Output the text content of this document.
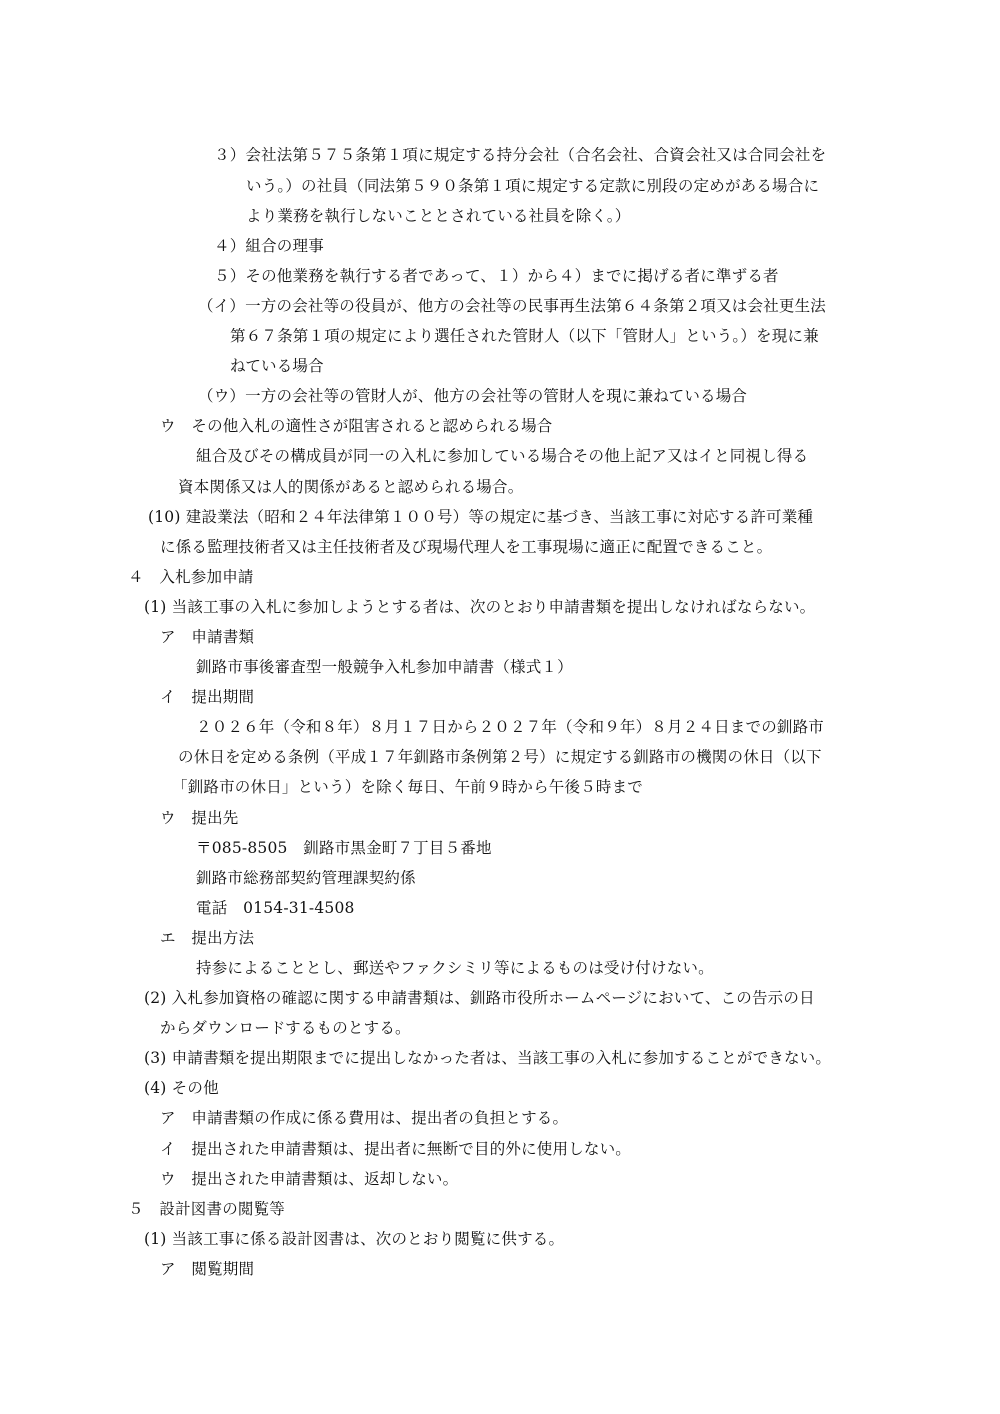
３）会社法第５７５条第１項に規定する持分会社（合名会社、合資会社又は合同会社を
いう。）の社員（同法第５９０条第１項に規定する定款に別段の定めがある場合に
より業務を執行しないこととされている社員を除く。）
４）組合の理事
５）その他業務を執行する者であって、１）から４）までに掲げる者に準ずる者
（イ）一方の会社等の役員が、他方の会社等の民事再生法第６４条第２項又は会社更生法
第６７条第１項の規定により選任された管財人（以下「管財人」という。）を現に兼
ねている場合
（ウ）一方の会社等の管財人が、他方の会社等の管財人を現に兼ねている場合
ウ　その他入札の適性さが阻害されると認められる場合
組合及びその構成員が同一の入札に参加している場合その他上記ア又はイと同視し得る
資本関係又は人的関係があると認められる場合。
(10) 建設業法（昭和２４年法律第１００号）等の規定に基づき、当該工事に対応する許可業種
に係る監理技術者又は主任技術者及び現場代理人を工事現場に適正に配置できること。
４　入札参加申請
(1) 当該工事の入札に参加しようとする者は、次のとおり申請書類を提出しなければならない。
ア　申請書類
釧路市事後審査型一般競争入札参加申請書（様式１）
イ　提出期間
２０２６年（令和８年）８月１７日から２０２７年（令和９年）８月２４日までの釧路市
の休日を定める条例（平成１７年釧路市条例第２号）に規定する釧路市の機関の休日（以下
「釧路市の休日」という）を除く毎日、午前９時から午後５時まで
ウ　提出先
〒085-8505　釧路市黒金町７丁目５番地
釧路市総務部契約管理課契約係
電話　0154-31-4508
エ　提出方法
持参によることとし、郵送やファクシミリ等によるものは受け付けない。
(2) 入札参加資格の確認に関する申請書類は、釧路市役所ホームページにおいて、この告示の日
からダウンロードするものとする。
(3) 申請書類を提出期限までに提出しなかった者は、当該工事の入札に参加することができない。
(4) その他
ア　申請書類の作成に係る費用は、提出者の負担とする。
イ　提出された申請書類は、提出者に無断で目的外に使用しない。
ウ　提出された申請書類は、返却しない。
５　設計図書の閲覧等
(1) 当該工事に係る設計図書は、次のとおり閲覧に供する。
ア　閲覧期間
